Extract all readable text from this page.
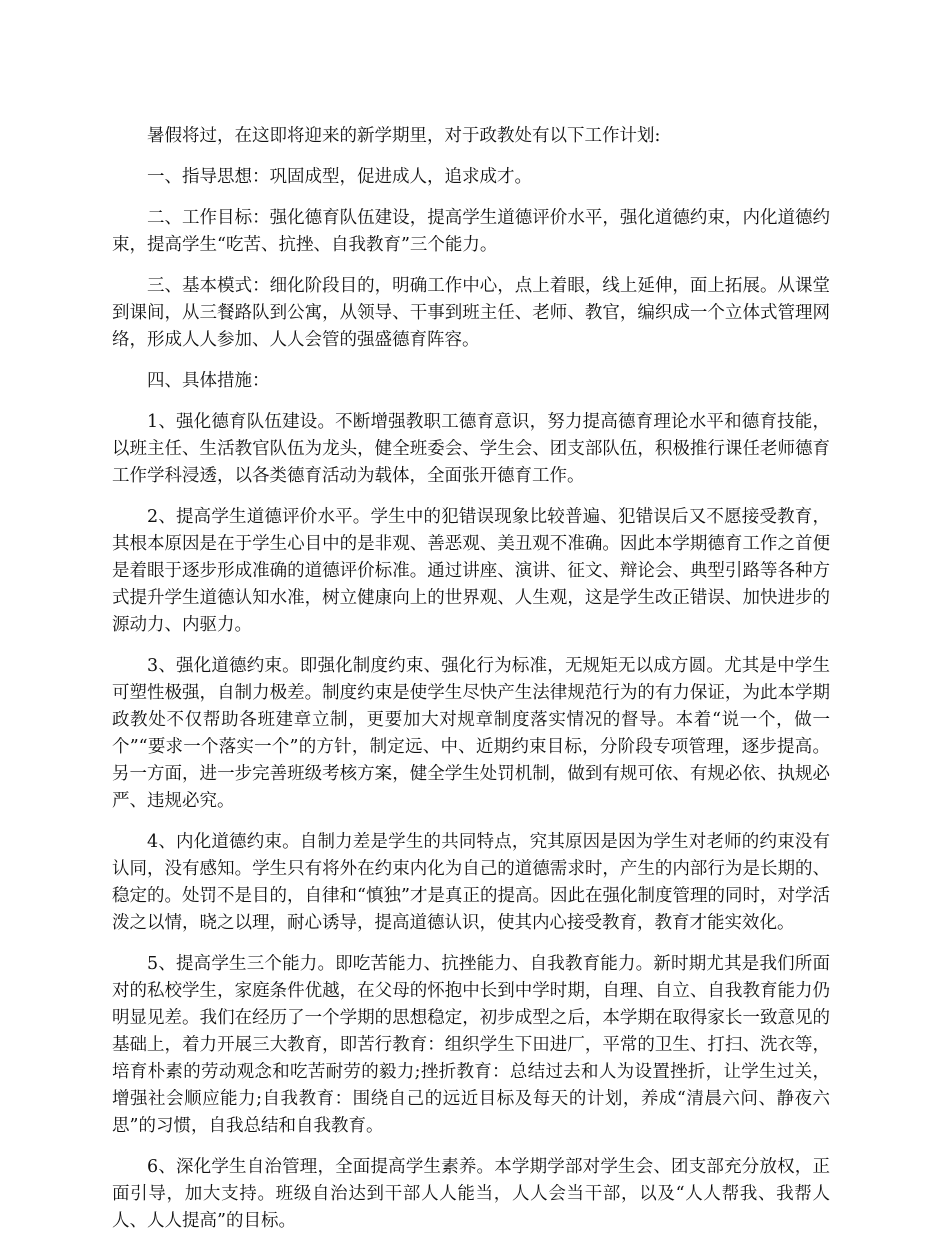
暑假将过，在这即将迎来的新学期里，对于政教处有以下工作计划:

一、指导思想：巩固成型，促进成人，追求成才。

二、工作目标：强化德育队伍建设，提高学生道德评价水平，强化道德约束，内化道德约束，提高学生“吃苦、抗挫、自我教育”三个能力。

三、基本模式：细化阶段目的，明确工作中心，点上着眼，线上延伸，面上拓展。从课堂到课间，从三餐路队到公寓，从领导、干事到班主任、老师、教官，编织成一个立体式管理网络，形成人人参加、人人会管的强盛德育阵容。

四、具体措施：

1、强化德育队伍建设。不断增强教职工德育意识，努力提高德育理论水平和德育技能，以班主任、生活教官队伍为龙头，健全班委会、学生会、团支部队伍，积极推行课任老师德育工作学科浸透，以各类德育活动为载体，全面张开德育工作。

2、提高学生道德评价水平。学生中的犯错误现象比较普遍、犯错误后又不愿接受教育，其根本原因是在于学生心目中的是非观、善恶观、美丑观不准确。因此本学期德育工作之首便是着眼于逐步形成准确的道德评价标准。通过讲座、演讲、征文、辩论会、典型引路等各种方式提升学生道德认知水准，树立健康向上的世界观、人生观，这是学生改正错误、加快进步的源动力、内驱力。

3、强化道德约束。即强化制度约束、强化行为标准，无规矩无以成方圆。尤其是中学生可塑性极强，自制力极差。制度约束是使学生尽快产生法律规范行为的有力保证，为此本学期政教处不仅帮助各班建章立制，更要加大对规章制度落实情况的督导。本着“说一个，做一个”“要求一个落实一个”的方针，制定远、中、近期约束目标，分阶段专项管理，逐步提高。另一方面，进一步完善班级考核方案，健全学生处罚机制，做到有规可依、有规必依、执规必严、违规必究。

4、内化道德约束。自制力差是学生的共同特点，究其原因是因为学生对老师的约束没有认同，没有感知。学生只有将外在约束内化为自己的道德需求时，产生的内部行为是长期的、稳定的。处罚不是目的，自律和“慎独”才是真正的提高。因此在强化制度管理的同时，对学活泼之以情，晓之以理，耐心诱导，提高道德认识，使其内心接受教育，教育才能实效化。

5、提高学生三个能力。即吃苦能力、抗挫能力、自我教育能力。新时期尤其是我们所面对的私校学生，家庭条件优越，在父母的怀抱中长到中学时期，自理、自立、自我教育能力仍明显见差。我们在经历了一个学期的思想稳定，初步成型之后，本学期在取得家长一致意见的基础上，着力开展三大教育，即苦行教育：组织学生下田进厂，平常的卫生、打扫、洗衣等，培育朴素的劳动观念和吃苦耐劳的毅力;挫折教育：总结过去和人为设置挫折，让学生过关，增强社会顺应能力;自我教育：围绕自己的远近目标及每天的计划，养成“清晨六问、静夜六思”的习惯，自我总结和自我教育。

6、深化学生自治管理，全面提高学生素养。本学期学部对学生会、团支部充分放权，正面引导，加大支持。班级自治达到干部人人能当，人人会当干部，以及“人人帮我、我帮人人、人人提高”的目标。
